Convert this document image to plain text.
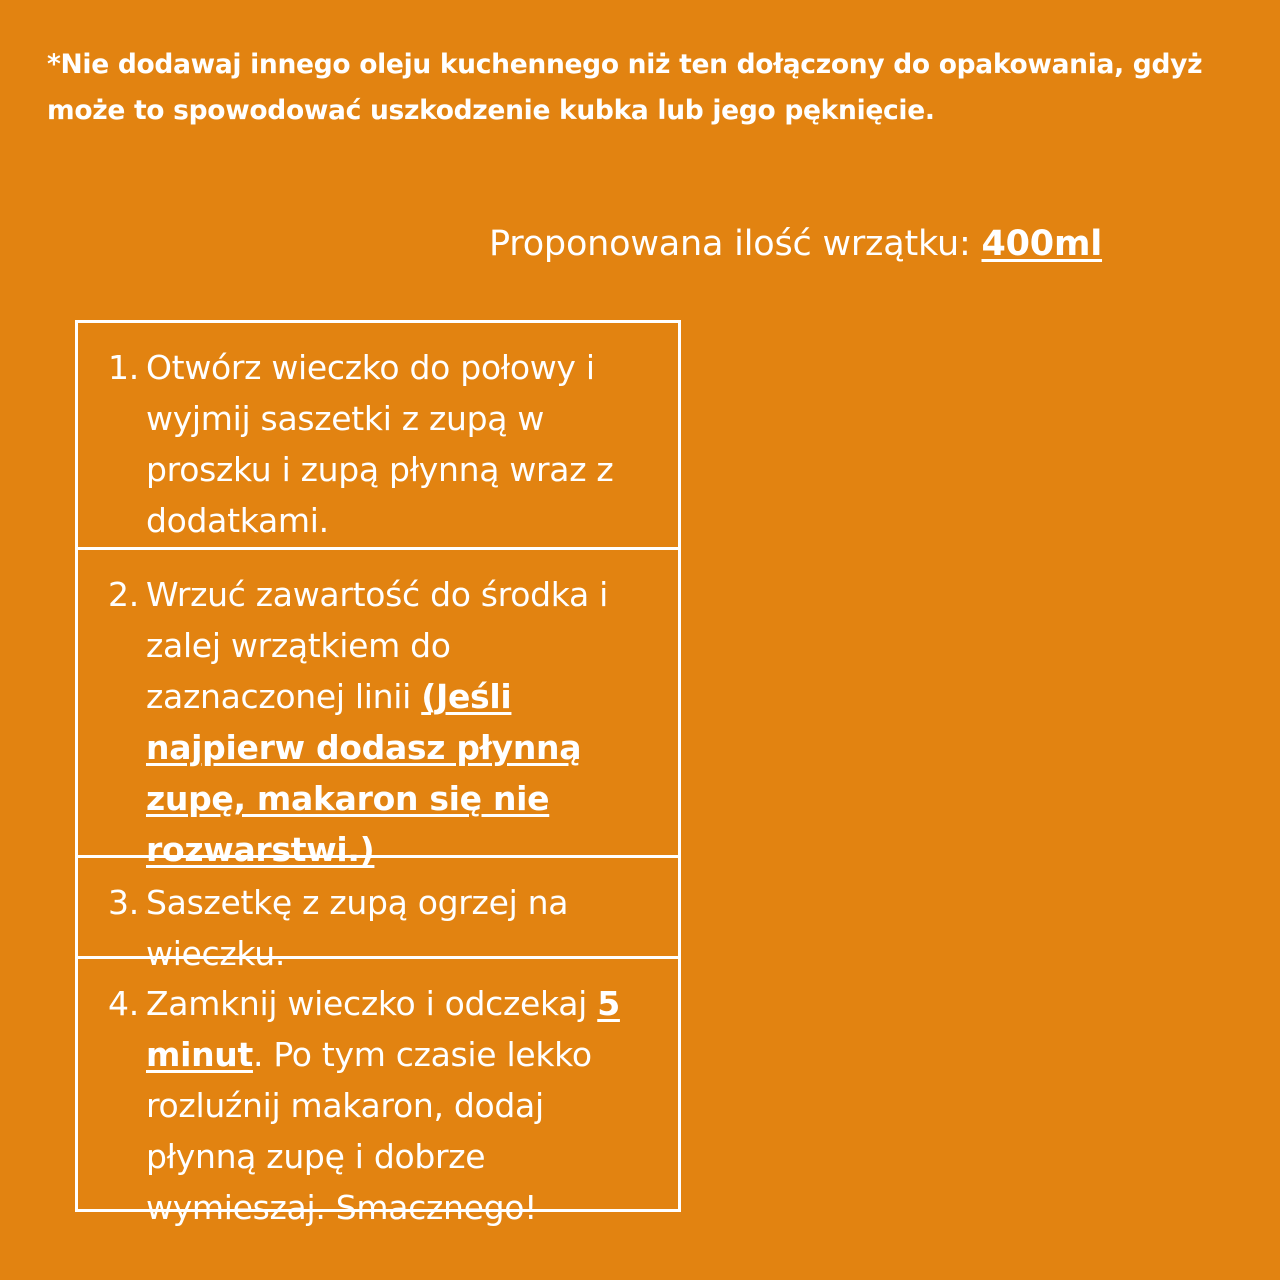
*Nie dodawaj innego oleju kuchennego niż ten dołączony do opakowania, gdyż może to spowodować uszkodzenie kubka lub jego pęknięcie.
Proponowana ilość wrzątku: 400ml
1. Otwórz wieczko do połowy i wyjmij saszetki z zupą w proszku i zupą płynną wraz z dodatkami.
2. Wrzuć zawartość do środka i zalej wrzątkiem do zaznaczonej linii (Jeśli najpierw dodasz płynną zupę, makaron się nie rozwarstwi.)
3. Saszetkę z zupą ogrzej na wieczku.
4. Zamknij wieczko i odczekaj 5 minut. Po tym czasie lekko rozluźnij makaron, dodaj płynną zupę i dobrze wymieszaj. Smacznego!
